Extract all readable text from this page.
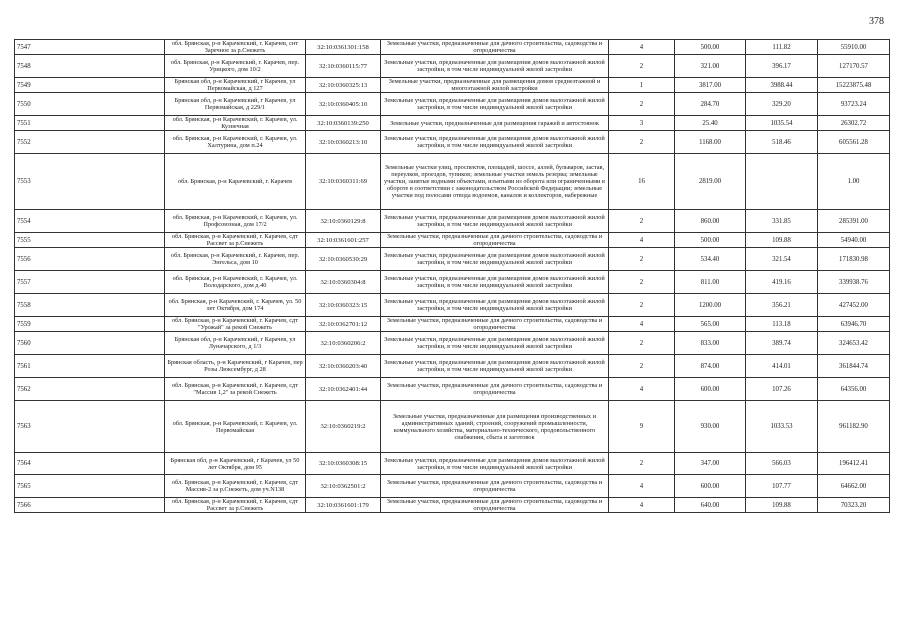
378
7547	обл. Брянская, р-н Карачевский, г. Карачев, снт Заречное за р.Снежеть	32:10:0361301:158	Земельные участки, предназначенные для дачного строительства, садоводства и огородничества	4	500.00	111.82	55910.00
7548	обл. Брянская, р-н Карачевский, г. Карачев, пер. Урицкого, дом 10/2	32:10:0360115:77	Земельные участки, предназначенные для размещения домов малоэтажной жилой застройки, в том числе индивидуальной жилой застройки	2	321.00	396.17	127170.57
7549	Брянская обл, р-н Карачевский, г Карачев, ул Первомайская, д 127	32:10:0360325:13	Земельные участки, предназначенные для размещения домов среднеэтажной и многоэтажной жилой застройки	1	3817.00	3988.44	15223875.48
7550	Брянская обл, р-н Карачевский, г Карачев, ул Первомайская, д 229/1	32:10:0360405:10	Земельные участки, предназначенные для размещения домов малоэтажной жилой застройки, в том числе индивидуальной жилой застройки	2	284.70	329.20	93723.24
7551	обл. Брянская, р-н Карачевский, г. Карачев, ул. Кузнечная	32:10:0360139:250	Земельные участки, предназначенные для размещения гаражей и автостоянок	3	25.40	1035.54	26302.72
7552	обл. Брянская, р-н Карачевский, г. Карачев, ул. Халтурина, дом п.24	32:10:0360213:10	Земельные участки, предназначенные для размещения домов малоэтажной жилой застройки, в том числе индивидуальной жилой застройки	2	1168.00	518.46	605561.28
7553	обл. Брянская, р-н Карачевский, г. Карачев	32:10:0360311:69	Земельные участки улиц, проспектов, площадей, шоссе, аллей, бульваров, застав, переулков, проездов, тупиков; земельные участки земель резерва; земельные участки, занятые водными объектами, изъятыми из оборота или ограниченными в обороте в соответствии с законодательством Российской Федерации; земельные участки под полосами отвода водоемов, каналов и коллекторов, набережные	16	2819.00		1.00
7554	обл. Брянская, р-н Карачевский, г. Карачев, ул. Профсоюзная, дом 17/2	32:10:0360129:8	Земельные участки, предназначенные для размещения домов малоэтажной жилой застройки, в том числе индивидуальной жилой застройки	2	860.00	331.85	285391.00
7555	обл. Брянская, р-н Карачевский, г. Карачев, сдт Рассвет за р.Снежеть	32:10:0361601:257	Земельные участки, предназначенные для дачного строительства, садоводства и огородничества	4	500.00	109.88	54940.00
7556	обл. Брянская, р-н Карачевский, г. Карачев, пер. Энгельса, дом 10	32:10:0360530:29	Земельные участки, предназначенные для размещения домов малоэтажной жилой застройки, в том числе индивидуальной жилой застройки	2	534.40	321.54	171830.98
7557	обл. Брянская, р-н Карачевский, г. Карачев, ул. Володарского, дом д.40	32:10:0360304:8	Земельные участки, предназначенные для размещения домов малоэтажной жилой застройки, в том числе индивидуальной жилой застройки	2	811.00	419.16	339938.76
7558	обл. Брянская, р-н Карачевский, г. Карачев, ул. 50 лет Октября, дом 174	32:10:0360323:15	Земельные участки, предназначенные для размещения домов малоэтажной жилой застройки, в том числе индивидуальной жилой застройки	2	1200.00	356.21	427452.00
7559	обл. Брянская, р-н Карачевский, г. Карачев, сдт "Урожай" за рекой Снежеть	32:10:0362701:12	Земельные участки, предназначенные для дачного строительства, садоводства и огородничества	4	565.00	113.18	63946.70
7560	Брянская обл, р-н Карачевский, г Карачев, ул Луначарского, д 1/3	32:10:0360206:2	Земельные участки, предназначенные для размещения домов малоэтажной жилой застройки, в том числе индивидуальной жилой застройки	2	833.00	389.74	324653.42
7561	Брянская область, р-н Карачевский, г Карачев, пер Розы Люксембург, д 28	32:10:0360203:40	Земельные участки, предназначенные для размещения домов малоэтажной жилой застройки, в том числе индивидуальной жилой застройки	2	874.00	414.01	361844.74
7562	обл. Брянская, р-н Карачевский, г. Карачев, сдт "Массив 1,2" за рекой Снежеть	32:10:0362401:44	Земельные участки, предназначенные для дачного строительства, садоводства и огородничества	4	600.00	107.26	64356.00
7563	обл. Брянская, р-н Карачевский, г. Карачев, ул. Первомайская	32:10:0360219:2	Земельные участки, предназначенные для размещения производственных и административных зданий, строений, сооружений промышленности, коммунального хозяйства, материально-технического, продовольственного снабжения, сбыта и заготовок	9	930.00	1033.53	961182.90
7564	Брянская обл, р-н Карачевский, г Карачев, ул 50 лет Октября, дом 95	32:10:0360308:15	Земельные участки, предназначенные для размещения домов малоэтажной жилой застройки, в том числе индивидуальной жилой застройки	2	347.00	566.03	196412.41
7565	обл. Брянская, р-н Карачевский, г. Карачев, сдт Массив-2 за р.Снежеть, дом уч.N138	32:10:0362501:2	Земельные участки, предназначенные для дачного строительства, садоводства и огородничества	4	600.00	107.77	64662.00
7566	обл. Брянская, р-н Карачевский, г. Карачев, сдт Рассвет за р.Снежеть	32:10:0361601:179	Земельные участки, предназначенные для дачного строительства, садоводства и огородничества	4	640.00	109.88	70323.20
